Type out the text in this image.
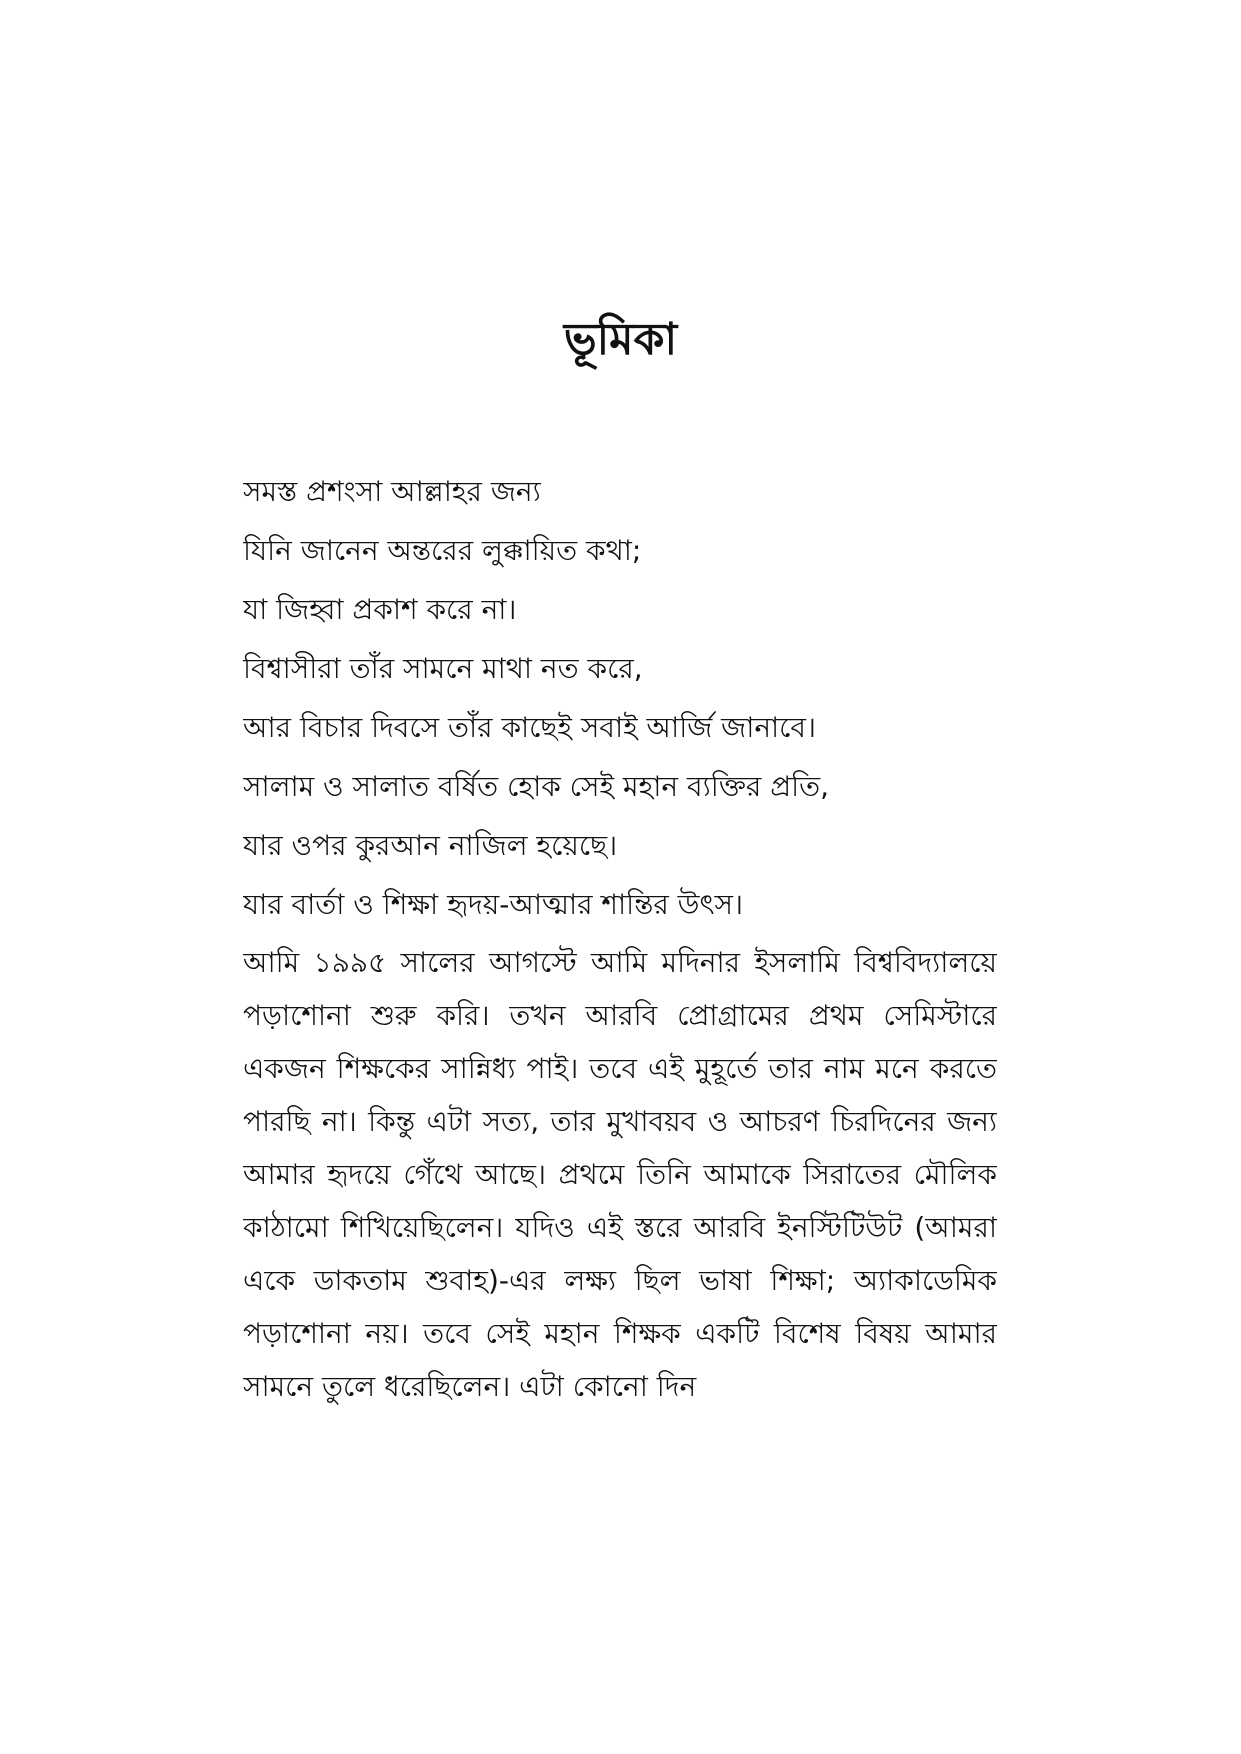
ভূমিকা
সমস্ত প্রশংসা আল্লাহর জন্য
যিনি জানেন অন্তরের লুক্কায়িত কথা;
যা জিহ্বা প্রকাশ করে না।
বিশ্বাসীরা তাঁর সামনে মাথা নত করে,
আর বিচার দিবসে তাঁর কাছেই সবাই আর্জি জানাবে।
সালাম ও সালাত বর্ষিত হোক সেই মহান ব্যক্তির প্রতি,
যার ওপর কুরআন নাজিল হয়েছে।
যার বার্তা ও শিক্ষা হৃদয়-আত্মার শান্তির উৎস।

আমি ১৯৯৫ সালের আগস্টে আমি মদিনার ইসলামি বিশ্ববিদ্যালয়ে পড়াশোনা শুরু করি। তখন আরবি প্রোগ্রামের প্রথম সেমিস্টারে একজন শিক্ষকের সান্নিধ্য পাই। তবে এই মুহূর্তে তার নাম মনে করতে পারছি না। কিন্তু এটা সত্য, তার মুখাবয়ব ও আচরণ চিরদিনের জন্য আমার হৃদয়ে গেঁথে আছে। প্রথমে তিনি আমাকে সিরাতের মৌলিক কাঠামো শিখিয়েছিলেন। যদিও এই স্তরে আরবি ইনস্টিটিউট (আমরা একে ডাকতাম শুবাহ)-এর লক্ষ্য ছিল ভাষা শিক্ষা; অ্যাকাডেমিক পড়াশোনা নয়। তবে সেই মহান শিক্ষক একটি বিশেষ বিষয় আমার সামনে তুলে ধরেছিলেন। এটা কোনো দিন
